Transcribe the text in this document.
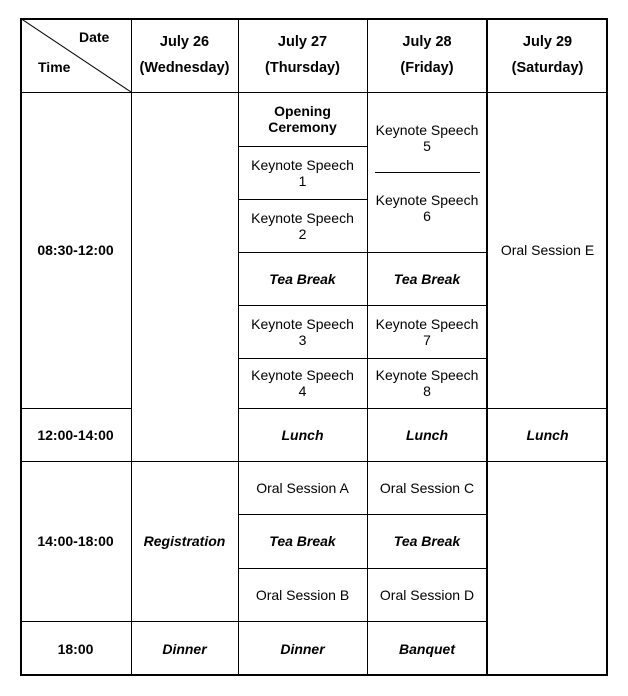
Date
Time
July 26
(Wednesday)
July 27
(Thursday)
July 28
(Friday)
July 29
(Saturday)
08:30-12:00
12:00-14:00
14:00-18:00
18:00
Registration
Dinner
Opening Ceremony
Keynote Speech 1
Keynote Speech 2
Tea Break
Keynote Speech 3
Keynote Speech 4
Lunch
Oral Session A
Tea Break
Oral Session B
Dinner
Keynote Speech 5
Keynote Speech 6
Tea Break
Keynote Speech 7
Keynote Speech 8
Lunch
Oral Session C
Tea Break
Oral Session D
Banquet
Oral Session E
Lunch
